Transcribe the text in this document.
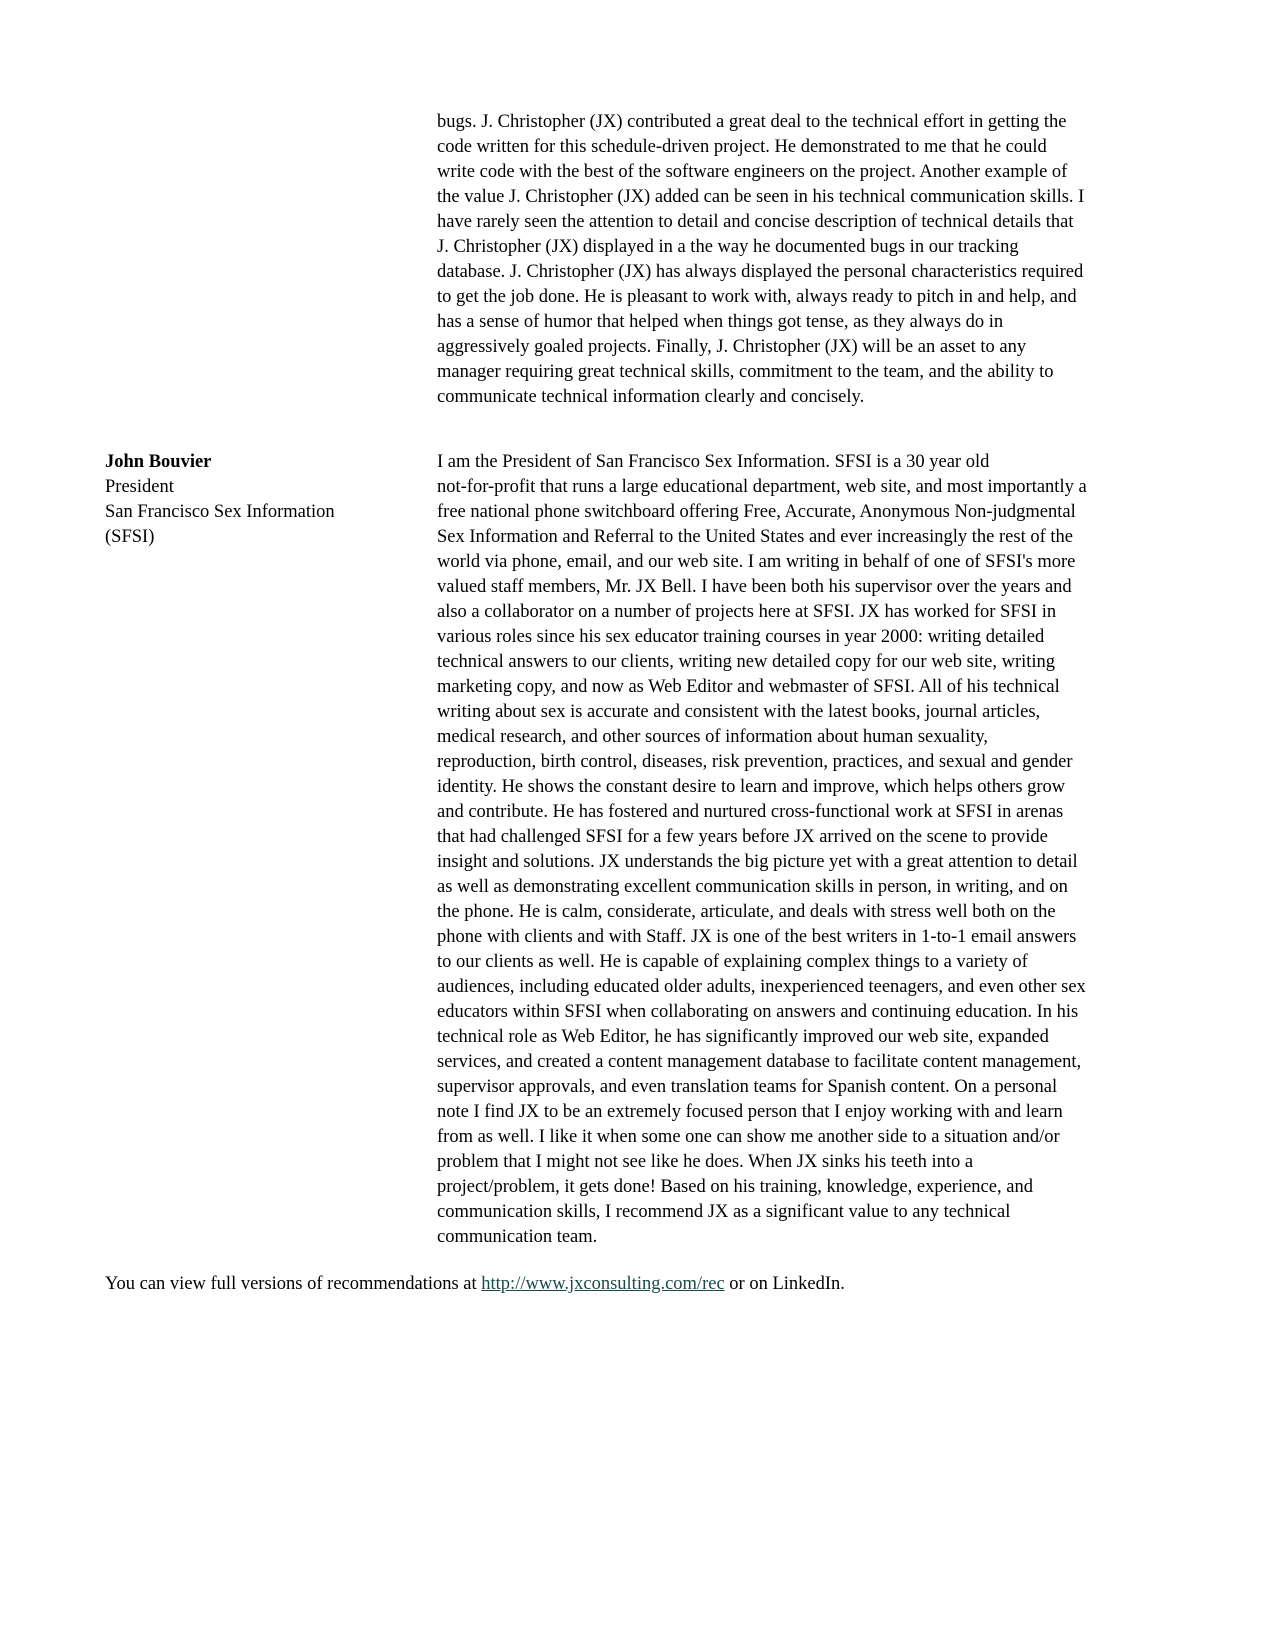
bugs. J. Christopher (JX) contributed a great deal to the technical effort in getting the
code written for this schedule-driven project. He demonstrated to me that he could
write code with the best of the software engineers on the project. Another example of
the value J. Christopher (JX) added can be seen in his technical communication skills. I
have rarely seen the attention to detail and concise description of technical details that
J. Christopher (JX) displayed in a the way he documented bugs in our tracking
database. J. Christopher (JX) has always displayed the personal characteristics required
to get the job done. He is pleasant to work with, always ready to pitch in and help, and
has a sense of humor that helped when things got tense, as they always do in
aggressively goaled projects. Finally, J. Christopher (JX) will be an asset to any
manager requiring great technical skills, commitment to the team, and the ability to
communicate technical information clearly and concisely.
John Bouvier
President
San Francisco Sex Information
(SFSI)
I am the President of San Francisco Sex Information. SFSI is a 30 year old
not-for-profit that runs a large educational department, web site, and most importantly a
free national phone switchboard offering Free, Accurate, Anonymous Non-judgmental
Sex Information and Referral to the United States and ever increasingly the rest of the
world via phone, email, and our web site. I am writing in behalf of one of SFSI's more
valued staff members, Mr. JX Bell. I have been both his supervisor over the years and
also a collaborator on a number of projects here at SFSI. JX has worked for SFSI in
various roles since his sex educator training courses in year 2000: writing detailed
technical answers to our clients, writing new detailed copy for our web site, writing
marketing copy, and now as Web Editor and webmaster of SFSI. All of his technical
writing about sex is accurate and consistent with the latest books, journal articles,
medical research, and other sources of information about human sexuality,
reproduction, birth control, diseases, risk prevention, practices, and sexual and gender
identity. He shows the constant desire to learn and improve, which helps others grow
and contribute. He has fostered and nurtured cross-functional work at SFSI in arenas
that had challenged SFSI for a few years before JX arrived on the scene to provide
insight and solutions. JX understands the big picture yet with a great attention to detail
as well as demonstrating excellent communication skills in person, in writing, and on
the phone. He is calm, considerate, articulate, and deals with stress well both on the
phone with clients and with Staff. JX is one of the best writers in 1-to-1 email answers
to our clients as well. He is capable of explaining complex things to a variety of
audiences, including educated older adults, inexperienced teenagers, and even other sex
educators within SFSI when collaborating on answers and continuing education. In his
technical role as Web Editor, he has significantly improved our web site, expanded
services, and created a content management database to facilitate content management,
supervisor approvals, and even translation teams for Spanish content. On a personal
note I find JX to be an extremely focused person that I enjoy working with and learn
from as well. I like it when some one can show me another side to a situation and/or
problem that I might not see like he does. When JX sinks his teeth into a
project/problem, it gets done! Based on his training, knowledge, experience, and
communication skills, I recommend JX as a significant value to any technical
communication team.
You can view full versions of recommendations at http://www.jxconsulting.com/rec or on LinkedIn.
